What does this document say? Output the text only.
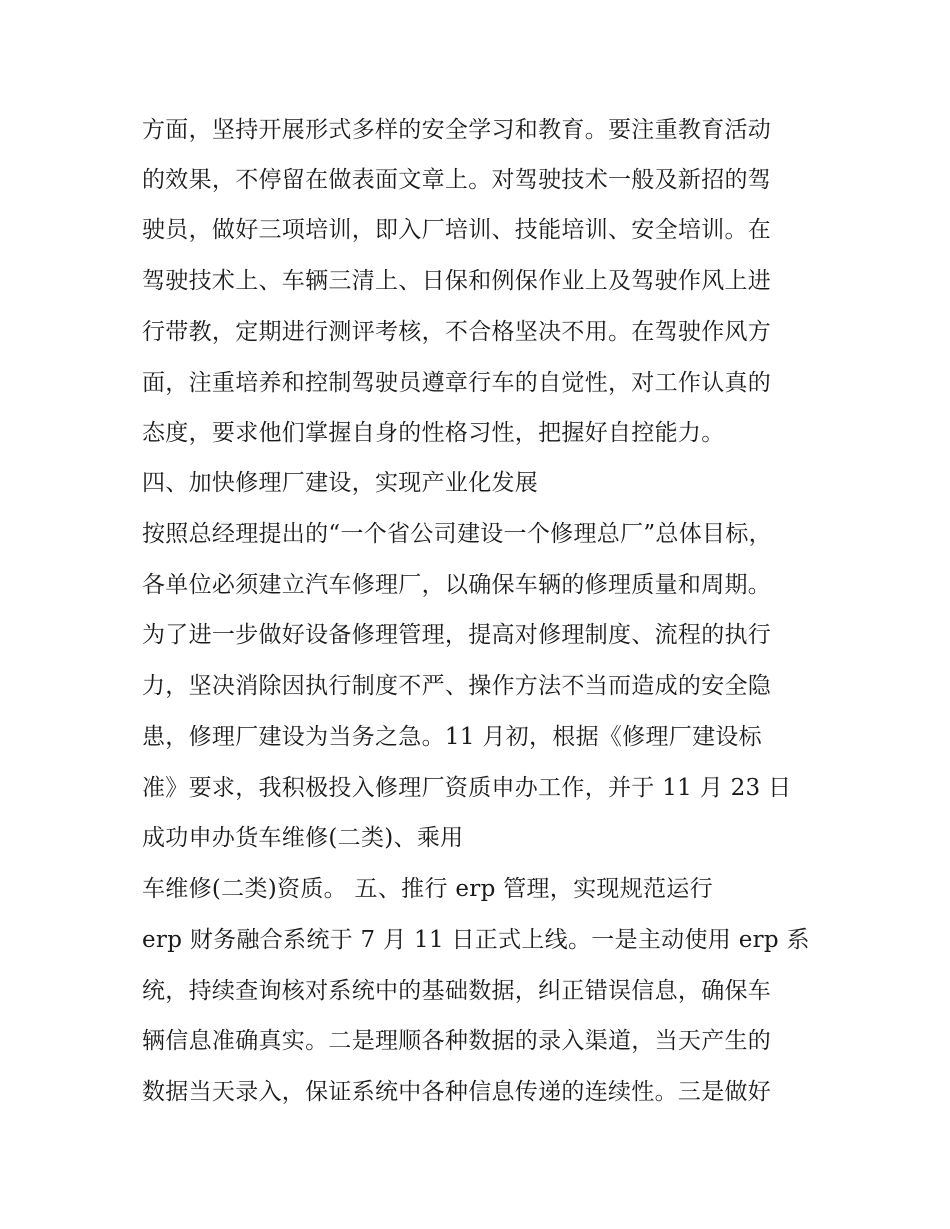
方面，坚持开展形式多样的安全学习和教育。要注重教育活动
的效果，不停留在做表面文章上。对驾驶技术一般及新招的驾
驶员，做好三项培训，即入厂培训、技能培训、安全培训。在
驾驶技术上、车辆三清上、日保和例保作业上及驾驶作风上进
行带教，定期进行测评考核，不合格坚决不用。在驾驶作风方
面，注重培养和控制驾驶员遵章行车的自觉性，对工作认真的
态度，要求他们掌握自身的性格习性，把握好自控能力。
四、加快修理厂建设，实现产业化发展
按照总经理提出的“一个省公司建设一个修理总厂”总体目标，
各单位必须建立汽车修理厂，以确保车辆的修理质量和周期。
为了进一步做好设备修理管理，提高对修理制度、流程的执行
力，坚决消除因执行制度不严、操作方法不当而造成的安全隐
患，修理厂建设为当务之急。11 月初，根据《修理厂建设标
准》要求，我积极投入修理厂资质申办工作，并于 11 月 23 日
成功申办货车维修(二类)、乘用
车维修(二类)资质。 五、推行 erp 管理，实现规范运行
erp 财务融合系统于 7 月 11 日正式上线。一是主动使用 erp 系
统，持续查询核对系统中的基础数据，纠正错误信息，确保车
辆信息准确真实。二是理顺各种数据的录入渠道，当天产生的
数据当天录入，保证系统中各种信息传递的连续性。三是做好
